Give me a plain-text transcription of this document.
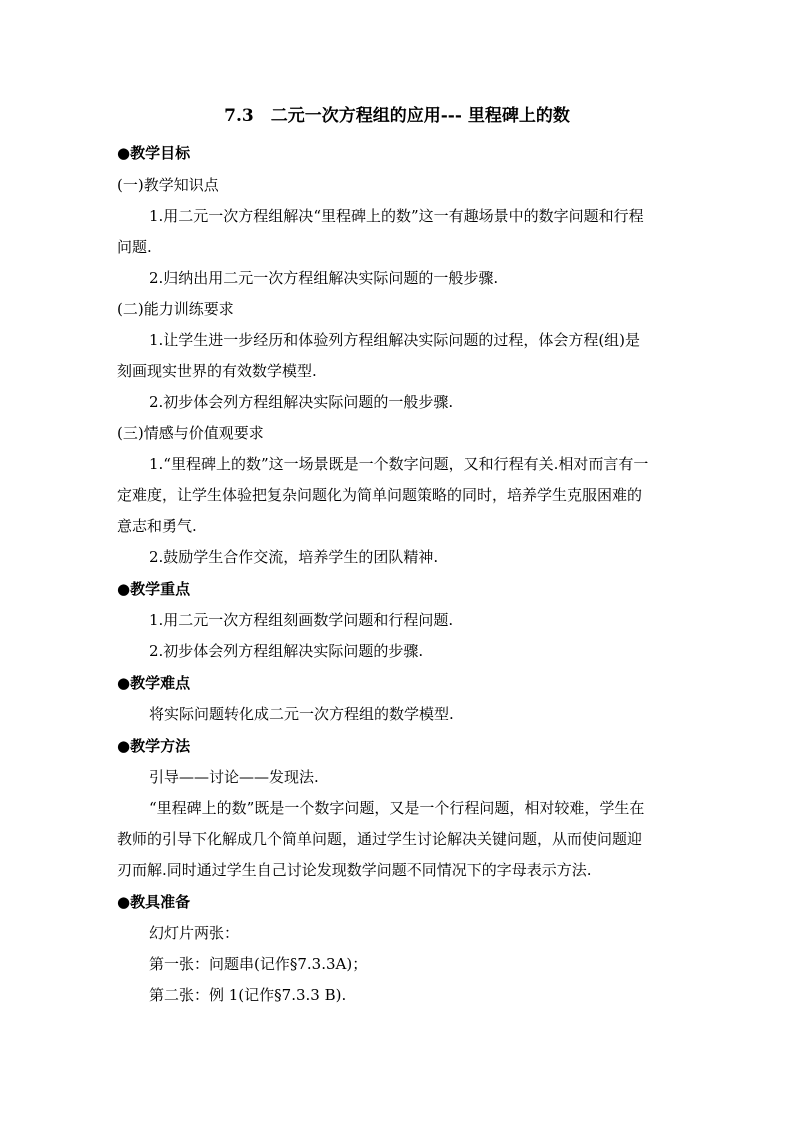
7.3　二元一次方程组的应用--- 里程碑上的数
●教学目标
(一)教学知识点
1.用二元一次方程组解决“里程碑上的数”这一有趣场景中的数字问题和行程
问题.
2.归纳出用二元一次方程组解决实际问题的一般步骤.
(二)能力训练要求
1.让学生进一步经历和体验列方程组解决实际问题的过程，体会方程(组)是
刻画现实世界的有效数学模型.
2.初步体会列方程组解决实际问题的一般步骤.
(三)情感与价值观要求
1.“里程碑上的数”这一场景既是一个数字问题，又和行程有关.相对而言有一
定难度，让学生体验把复杂问题化为简单问题策略的同时，培养学生克服困难的
意志和勇气.
2.鼓励学生合作交流，培养学生的团队精神.
●教学重点
1.用二元一次方程组刻画数学问题和行程问题.
2.初步体会列方程组解决实际问题的步骤.
●教学难点
将实际问题转化成二元一次方程组的数学模型.
●教学方法
引导——讨论——发现法.
“里程碑上的数”既是一个数字问题，又是一个行程问题，相对较难，学生在
教师的引导下化解成几个简单问题，通过学生讨论解决关键问题，从而使问题迎
刃而解.同时通过学生自己讨论发现数学问题不同情况下的字母表示方法.
●教具准备
幻灯片两张：
第一张：问题串(记作§7.3.3A)；
第二张：例 1(记作§7.3.3 B).
